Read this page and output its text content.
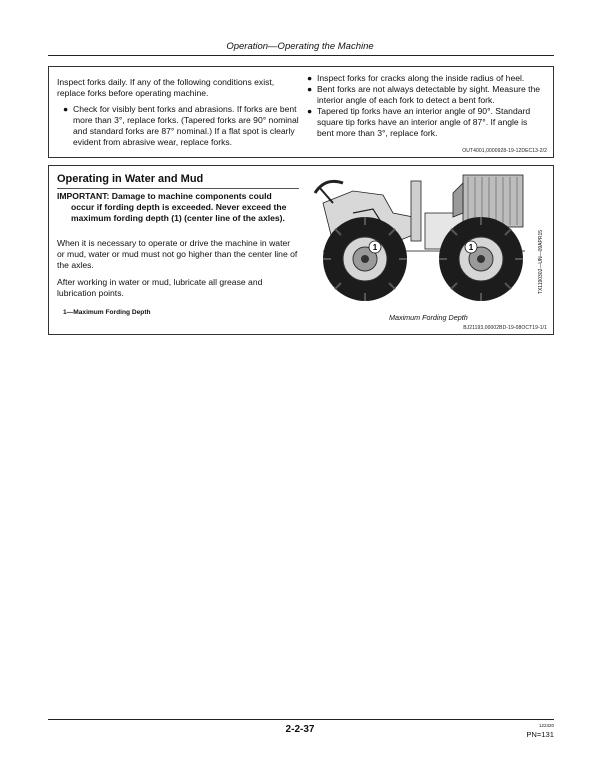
Operation—Operating the Machine

Inspect forks daily. If any of the following conditions exist, replace forks before operating machine.

● Check for visibly bent forks and abrasions. If forks are bent more than 3°, replace forks. (Tapered forks are 90° nominal and standard forks are 87° nominal.) If a flat spot is clearly evident from abrasive wear, replace forks.
● Inspect forks for cracks along the inside radius of heel.
● Bent forks are not always detectable by sight. Measure the interior angle of each fork to detect a bent fork.
● Tapered tip forks have an interior angle of 90°. Standard square tip forks have an interior angle of 87°. If angle is bent more than 3°, replace fork.
OUT4001,0000928-19-12DEC13-2/2
Operating in Water and Mud
IMPORTANT: Damage to machine components could
occur if fording depth is exceeded. Never exceed the maximum fording depth (1) (center line of the axles).

When it is necessary to operate or drive the machine in water or mud, water or mud must not go higher than the center line of the axles.

After working in water or mud, lubricate all grease and lubrication points.

1—Maximum Fording Depth
1	1	TX1190302—UN—09APR15
Maximum Fording Depth
BJ21193,00002BD-19-08OCT19-1/1
2-2-37	122320
PN=131
